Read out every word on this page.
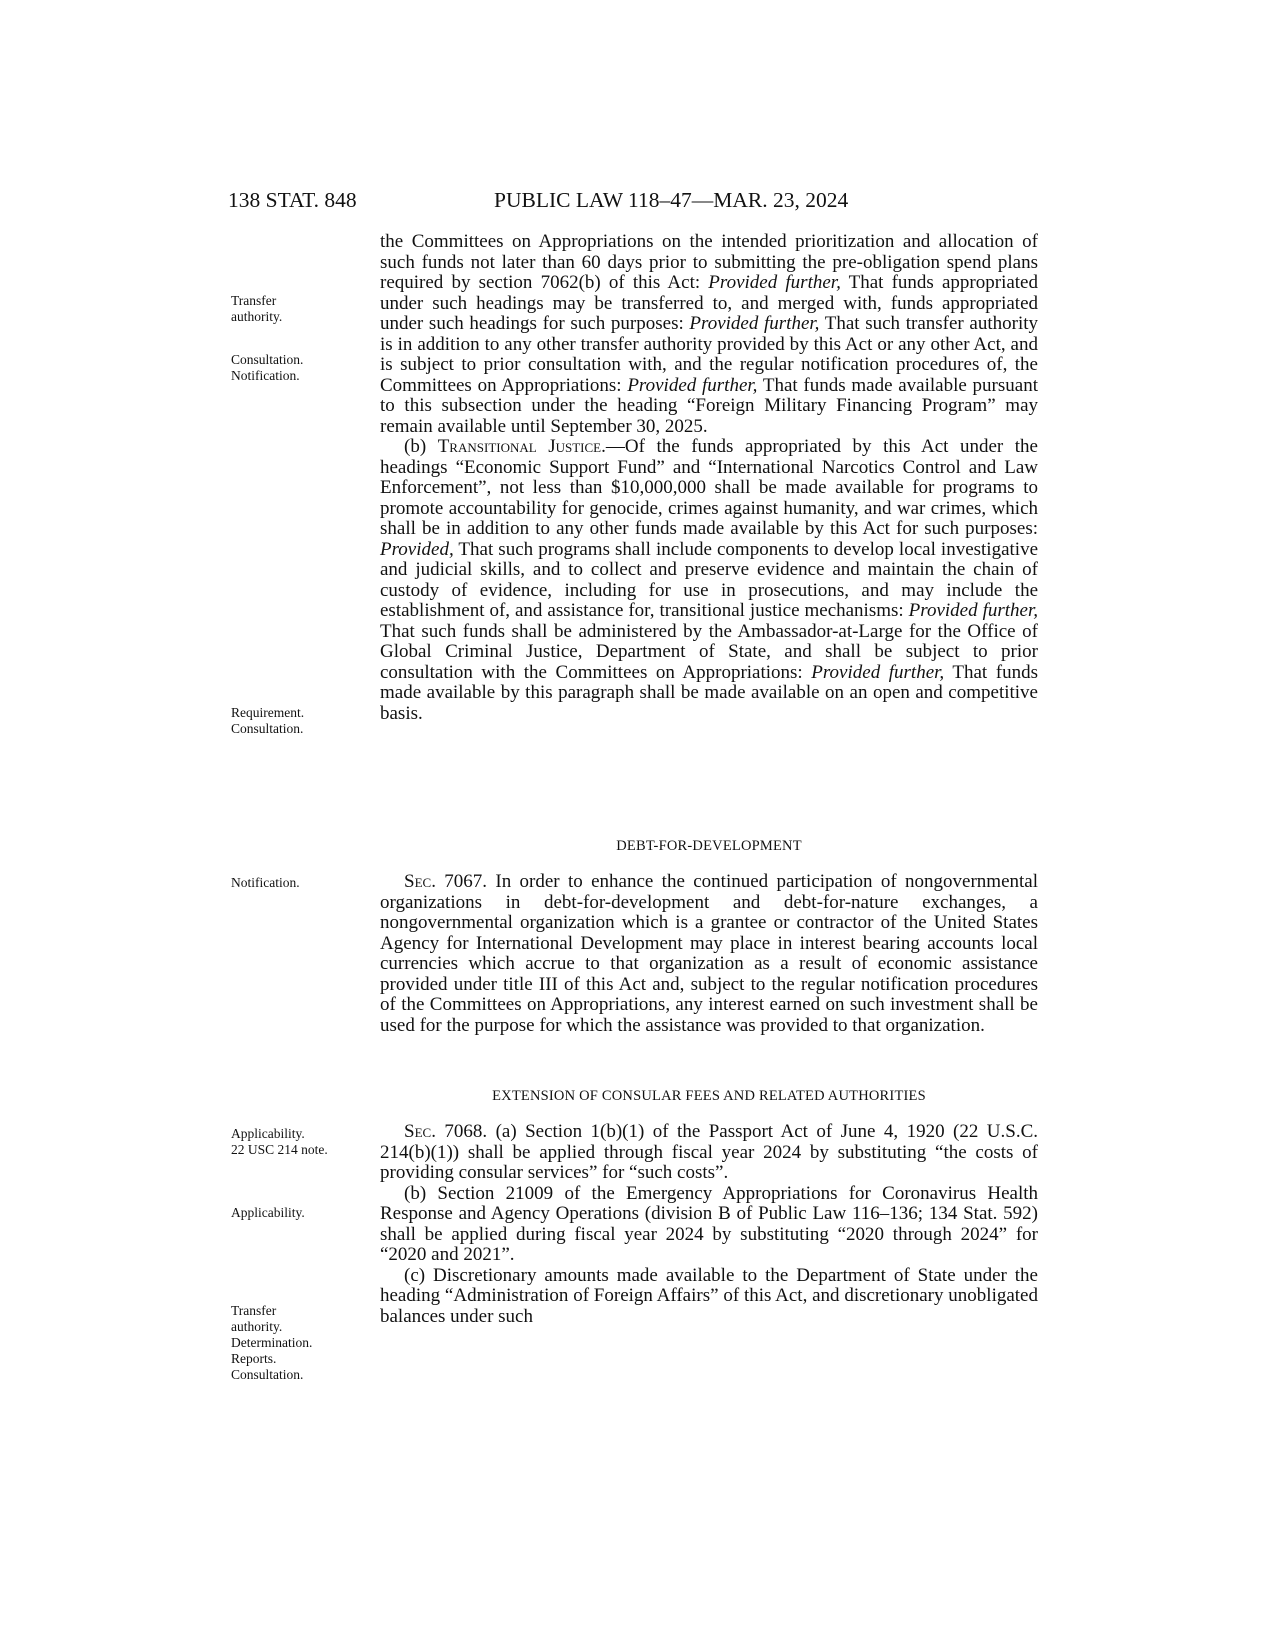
138 STAT. 848	PUBLIC LAW 118–47—MAR. 23, 2024
Transfer
authority.
Consultation.
Notification.
Requirement.
Consultation.
Notification.
Applicability.
22 USC 214 note.
Applicability.
Transfer
authority.
Determination.
Reports.
Consultation.

the Committees on Appropriations on the intended prioritization and allocation of such funds not later than 60 days prior to submitting the pre-obligation spend plans required by section 7062(b) of this Act: Provided further, That funds appropriated under such headings may be transferred to, and merged with, funds appropriated under such headings for such purposes: Provided further, That such transfer authority is in addition to any other transfer authority provided by this Act or any other Act, and is subject to prior consultation with, and the regular notification procedures of, the Committees on Appropriations: Provided further, That funds made available pursuant to this subsection under the heading “Foreign Military Financing Program” may remain available until September 30, 2025.

(b) Transitional Justice.—Of the funds appropriated by this Act under the headings “Economic Support Fund” and “International Narcotics Control and Law Enforcement”, not less than $10,000,000 shall be made available for programs to promote accountability for genocide, crimes against humanity, and war crimes, which shall be in addition to any other funds made available by this Act for such purposes: Provided, That such programs shall include components to develop local investigative and judicial skills, and to collect and preserve evidence and maintain the chain of custody of evidence, including for use in prosecutions, and may include the establishment of, and assistance for, transitional justice mechanisms: Provided further, That such funds shall be administered by the Ambassador-at-Large for the Office of Global Criminal Justice, Department of State, and shall be subject to prior consultation with the Committees on Appropriations: Provided further, That funds made available by this paragraph shall be made available on an open and competitive basis.

DEBT-FOR-DEVELOPMENT

Sec. 7067. In order to enhance the continued participation of nongovernmental organizations in debt-for-development and debt-for-nature exchanges, a nongovernmental organization which is a grantee or contractor of the United States Agency for International Development may place in interest bearing accounts local currencies which accrue to that organization as a result of economic assistance provided under title III of this Act and, subject to the regular notification procedures of the Committees on Appropriations, any interest earned on such investment shall be used for the purpose for which the assistance was provided to that organization.

EXTENSION OF CONSULAR FEES AND RELATED AUTHORITIES

Sec. 7068. (a) Section 1(b)(1) of the Passport Act of June 4, 1920 (22 U.S.C. 214(b)(1)) shall be applied through fiscal year 2024 by substituting “the costs of providing consular services” for “such costs”.

(b) Section 21009 of the Emergency Appropriations for Coronavirus Health Response and Agency Operations (division B of Public Law 116–136; 134 Stat. 592) shall be applied during fiscal year 2024 by substituting “2020 through 2024” for “2020 and 2021”.

(c) Discretionary amounts made available to the Department of State under the heading “Administration of Foreign Affairs” of this Act, and discretionary unobligated balances under such
